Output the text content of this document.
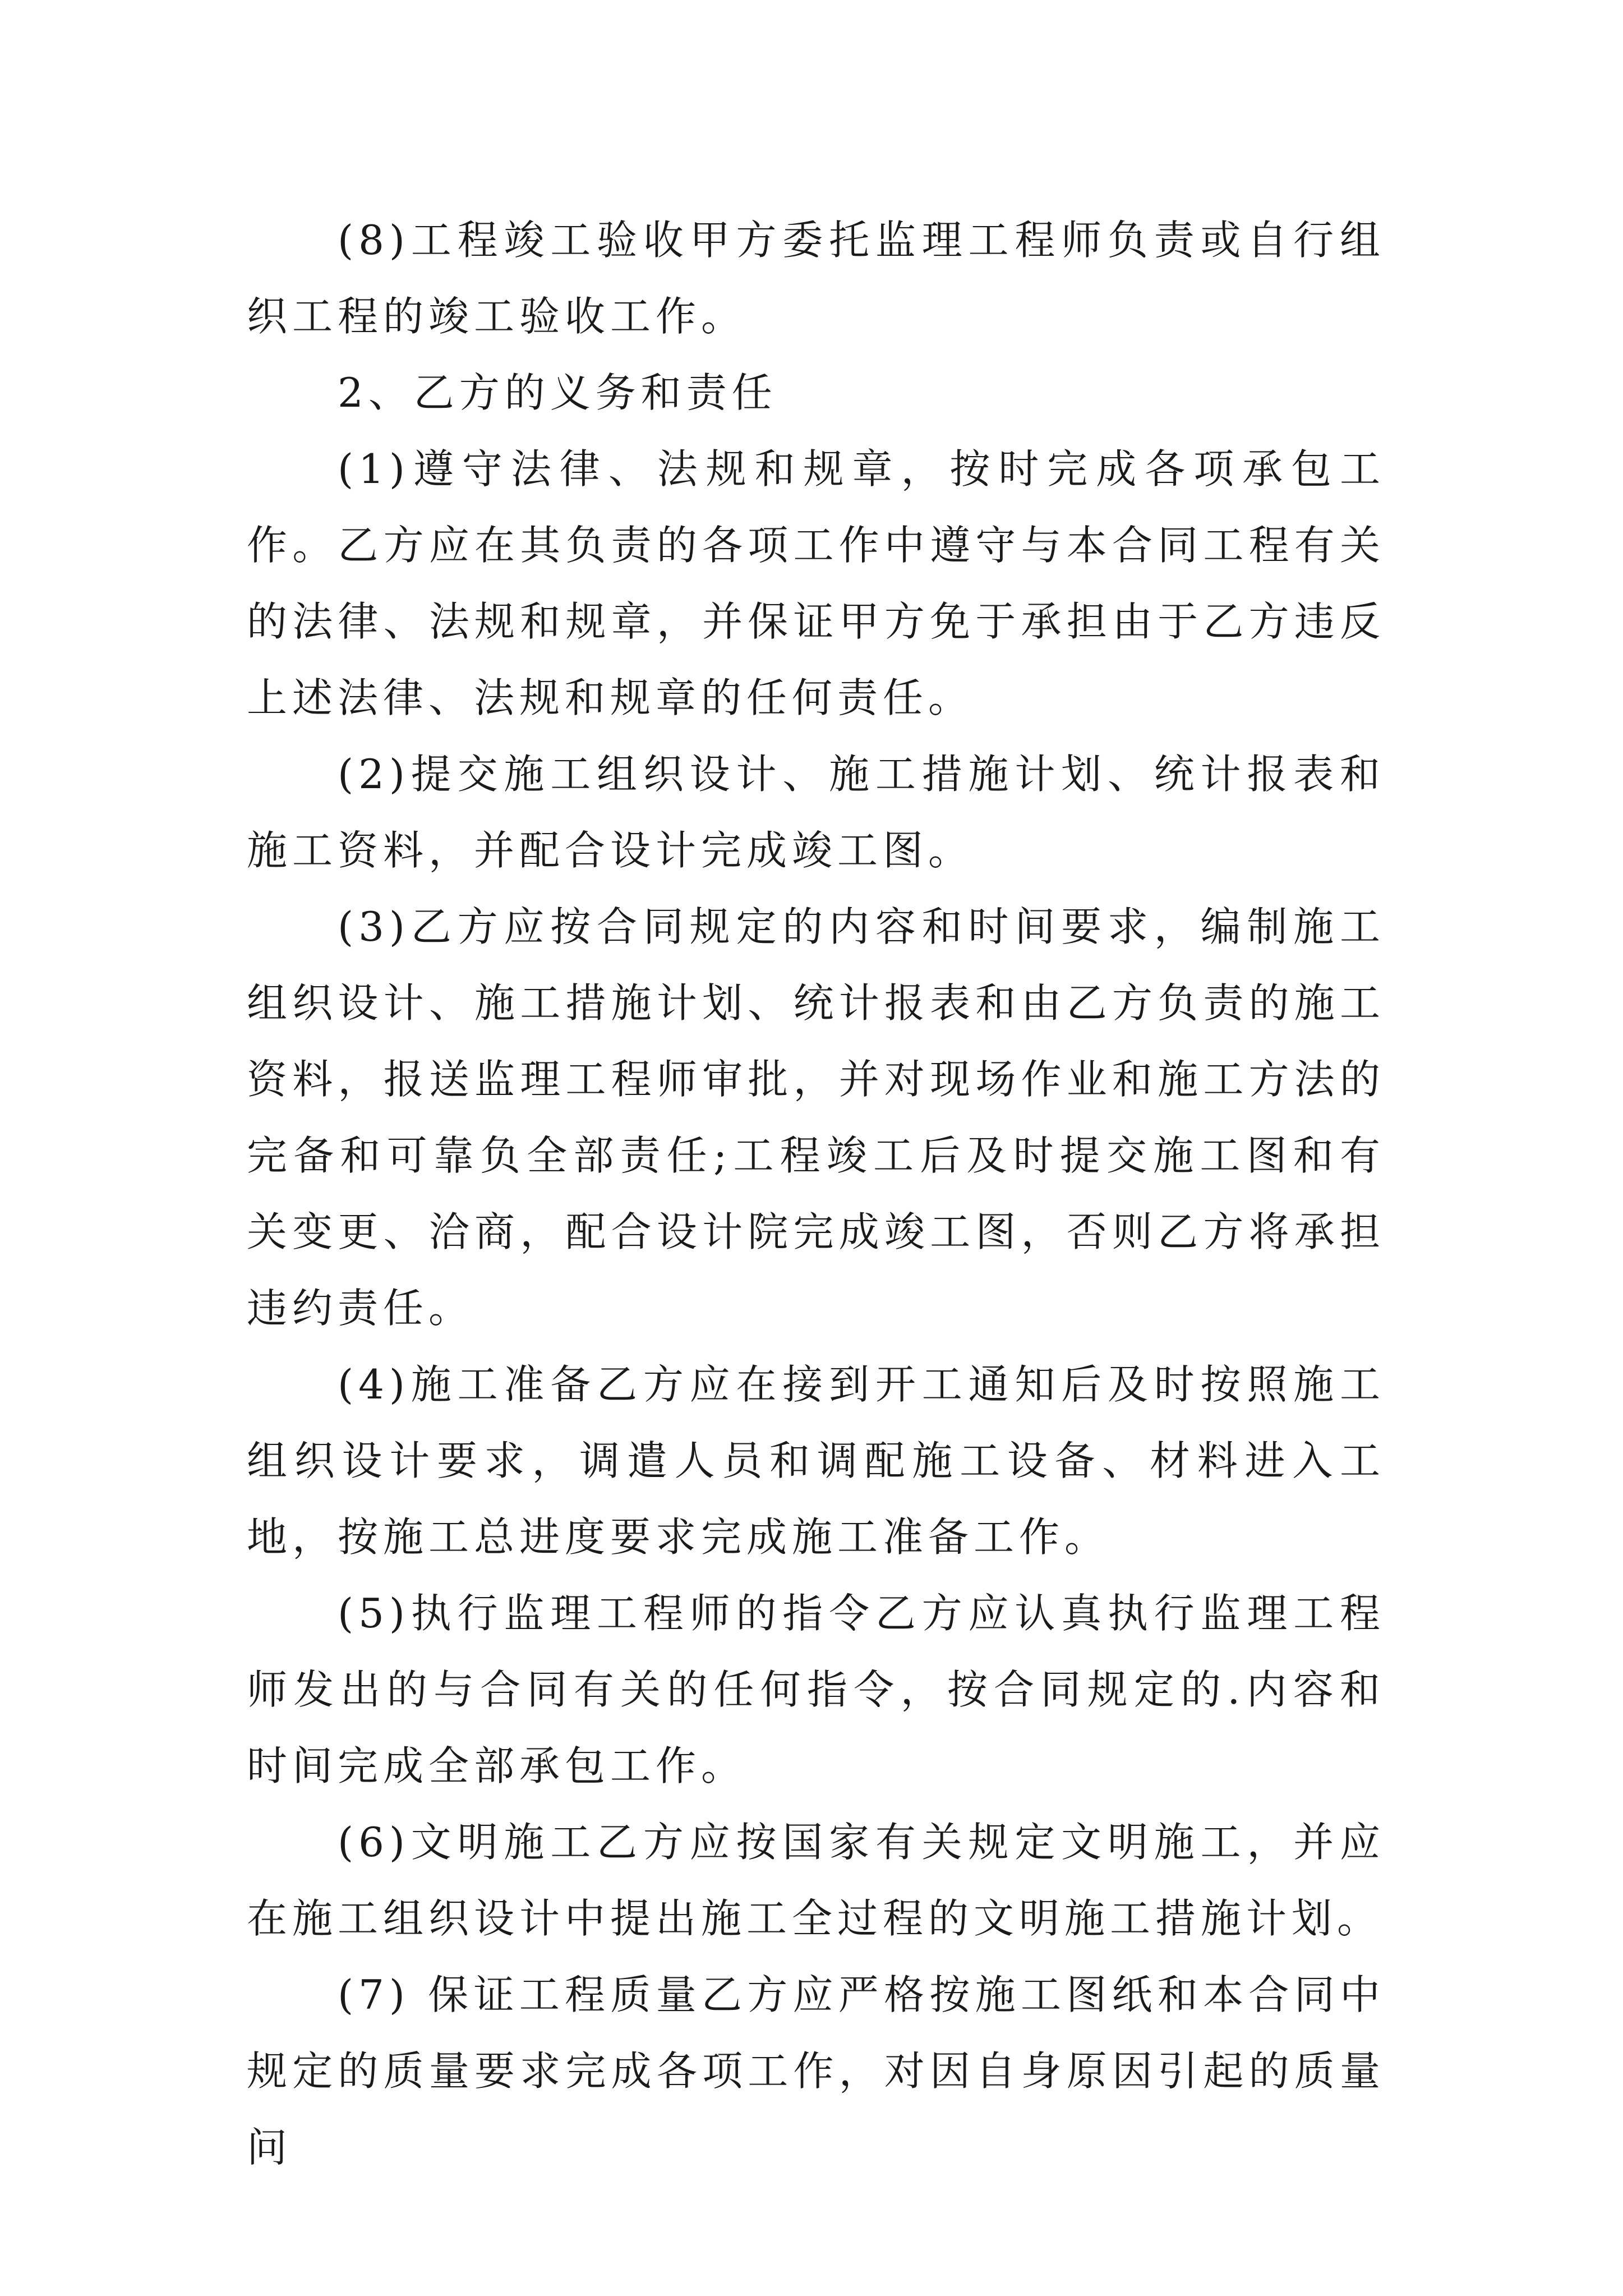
(8)工程竣工验收甲方委托监理工程师负责或自行组织工程的竣工验收工作。

2、乙方的义务和责任

(1)遵守法律、法规和规章，按时完成各项承包工作。乙方应在其负责的各项工作中遵守与本合同工程有关的法律、法规和规章，并保证甲方免于承担由于乙方违反上述法律、法规和规章的任何责任。

(2)提交施工组织设计、施工措施计划、统计报表和施工资料，并配合设计完成竣工图。

(3)乙方应按合同规定的内容和时间要求，编制施工组织设计、施工措施计划、统计报表和由乙方负责的施工资料，报送监理工程师审批，并对现场作业和施工方法的完备和可靠负全部责任;工程竣工后及时提交施工图和有关变更、洽商，配合设计院完成竣工图，否则乙方将承担违约责任。

(4)施工准备乙方应在接到开工通知后及时按照施工组织设计要求，调遣人员和调配施工设备、材料进入工地，按施工总进度要求完成施工准备工作。

(5)执行监理工程师的指令乙方应认真执行监理工程师发出的与合同有关的任何指令，按合同规定的.内容和时间完成全部承包工作。

(6)文明施工乙方应按国家有关规定文明施工，并应在施工组织设计中提出施工全过程的文明施工措施计划。

(7) 保证工程质量乙方应严格按施工图纸和本合同中规定的质量要求完成各项工作，对因自身原因引起的质量问
